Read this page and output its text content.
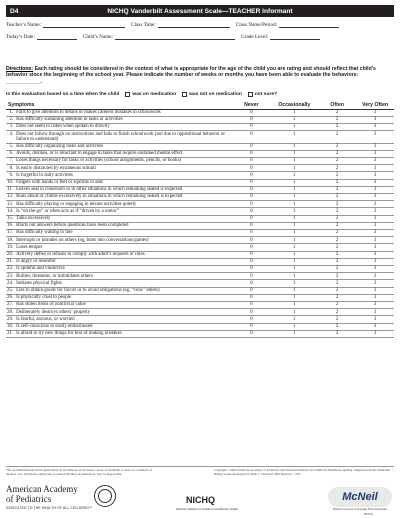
D4	NICHQ Vanderbilt Assessment Scale—TEACHER Informant
Teacher’s Name:	Class Time:	Class Name/Period:
Today’s Date:	Child’s Name:	Grade Level:
Directions: Each rating should be considered in the context of what is appropriate for the age of the child you are rating and should reflect that child’s behavior since the beginning of the school year. Please indicate the number of weeks or months you have been able to evaluate the behaviors: ____________.
Is this evaluation based on a time when the child	was on medication	was not on medication	not sure?
Symptoms		Never	Occasionally	Often	Very Often
1.	Fails to give attention to details or makes careless mistakes in schoolwork	0	1	2	3
2.	Has difficulty sustaining attention to tasks or activities	0	1	2	3
3.	Does not seem to listen when spoken to directly	0	1	2	3
4.	Does not follow through on instructions and fails to finish schoolwork (not due to oppositional behavior or failure to understand)	0	1	2	3
5.	Has difficulty organizing tasks and activities	0	1	2	3
6.	Avoids, dislikes, or is reluctant to engage in tasks that require sustained mental effort	0	1	2	3
7.	Loses things necessary for tasks or activities (school assignments, pencils, or books)	0	1	2	3
8.	Is easily distracted by extraneous stimuli	0	1	2	3
9.	Is forgetful in daily activities	0	1	2	3
10.	Fidgets with hands or feet or squirms in seat	0	1	2	3
11.	Leaves seat in classroom or in other situations in which remaining seated is expected	0	1	2	3
12.	Runs about or climbs excessively in situations in which remaining seated is expected	0	1	2	3
13.	Has difficulty playing or engaging in leisure activities quietly	0	1	2	3
14.	Is “on the go” or often acts as if “driven by a motor”	0	1	2	3
15.	Talks excessively	0	1	2	3
16.	Blurts out answers before questions have been completed	0	1	2	3
17.	Has difficulty waiting in line	0	1	2	3
18.	Interrupts or intrudes on others (eg, butts into conversations/games)	0	1	2	3
19.	Loses temper	0	1	2	3
20.	Actively defies or refuses to comply with adult’s requests or rules	0	1	2	3
21.	Is angry or resentful	0	1	2	3
22.	Is spiteful and vindictive	0	1	2	3
23.	Bullies, threatens, or intimidates others	0	1	2	3
24.	Initiates physical fights	0	1	2	3
25.	Lies to obtain goods for favors or to avoid obligations (eg, “cons” others)	0	1	2	3
26.	Is physically cruel to people	0	1	2	3
27.	Has stolen items of nontrivial value	0	1	2	3
28.	Deliberately destroys others’ property	0	1	2	3
29.	Is fearful, anxious, or worried	0	1	2	3
30.	Is self-conscious or easily embarrassed	0	1	2	3
31.	Is afraid to try new things for fear of making mistakes	0	1	2	3
The recommendations in this publication do not indicate an exclusive course of treatment or serve as a standard of medical care. Variations, taking into account individual circumstances, may be appropriate.
Copyright ©2002 American Academy of Pediatrics and National Initiative for Children’s Healthcare Quality. Adapted from the Vanderbilt Rating Scales developed by Mark L. Wolraich, MD. Revised - 1102
American Academy
of Pediatrics
DEDICATED TO THE HEALTH OF ALL CHILDREN™
NICHQ
National Initiative for Children’s Healthcare Quality
McNeil
McNeil Consumer & Specialty Pharmaceuticals
HE0351
